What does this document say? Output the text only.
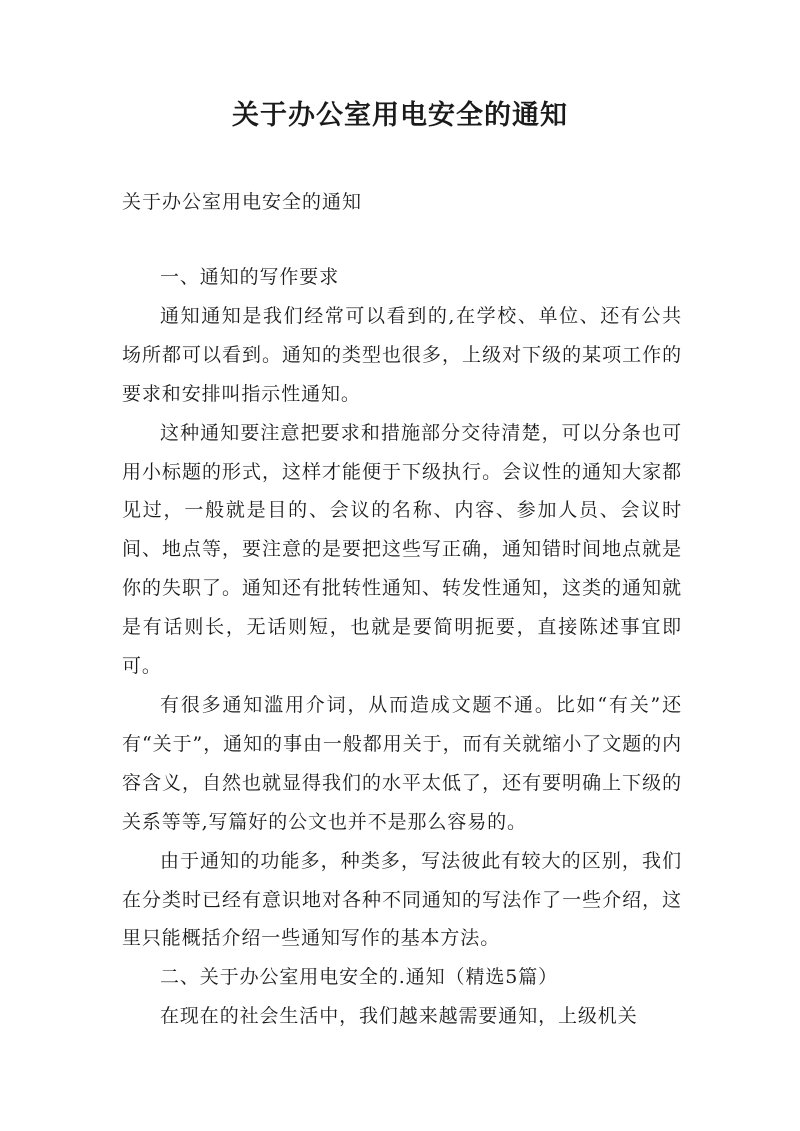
关于办公室用电安全的通知
关于办公室用电安全的通知

一、通知的写作要求

通知通知是我们经常可以看到的,在学校、单位、还有公共场所都可以看到。通知的类型也很多，上级对下级的某项工作的要求和安排叫指示性通知。

这种通知要注意把要求和措施部分交待清楚，可以分条也可用小标题的形式，这样才能便于下级执行。会议性的通知大家都见过，一般就是目的、会议的名称、内容、参加人员、会议时间、地点等，要注意的是要把这些写正确，通知错时间地点就是你的失职了。通知还有批转性通知、转发性通知，这类的通知就是有话则长，无话则短，也就是要简明扼要，直接陈述事宜即可。

有很多通知滥用介词，从而造成文题不通。比如“有关”还有“关于”，通知的事由一般都用关于，而有关就缩小了文题的内容含义，自然也就显得我们的水平太低了，还有要明确上下级的关系等等,写篇好的公文也并不是那么容易的。

由于通知的功能多，种类多，写法彼此有较大的区别，我们在分类时已经有意识地对各种不同通知的写法作了一些介绍，这里只能概括介绍一些通知写作的基本方法。

二、关于办公室用电安全的.通知（精选5篇）

在现在的社会生活中，我们越来越需要通知，上级机关
